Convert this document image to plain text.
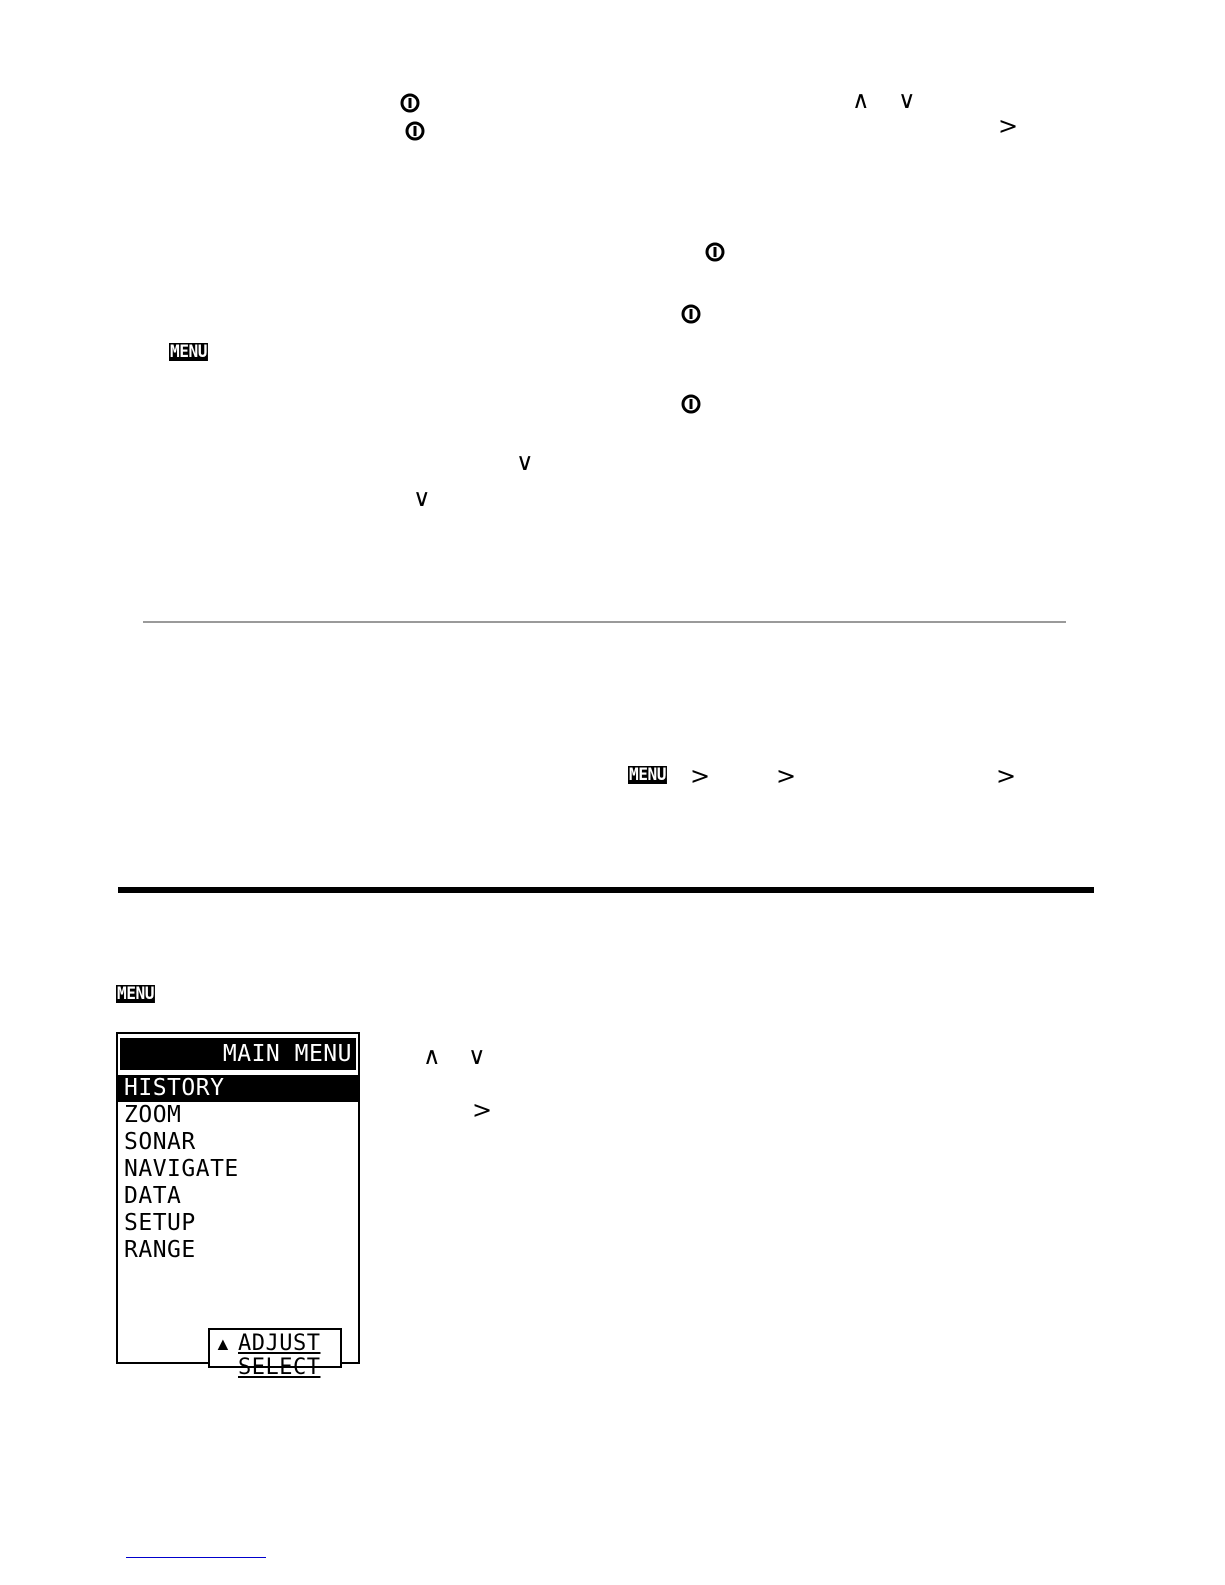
∧ ∨
>
MENU
∨
∨
MENU >	>	>
MENU
MAIN MENU
HISTORY
ZOOM
SONAR
NAVIGATE
DATA
SETUP
RANGE
▲ ADJUST
SELECT
∧ ∨
>
